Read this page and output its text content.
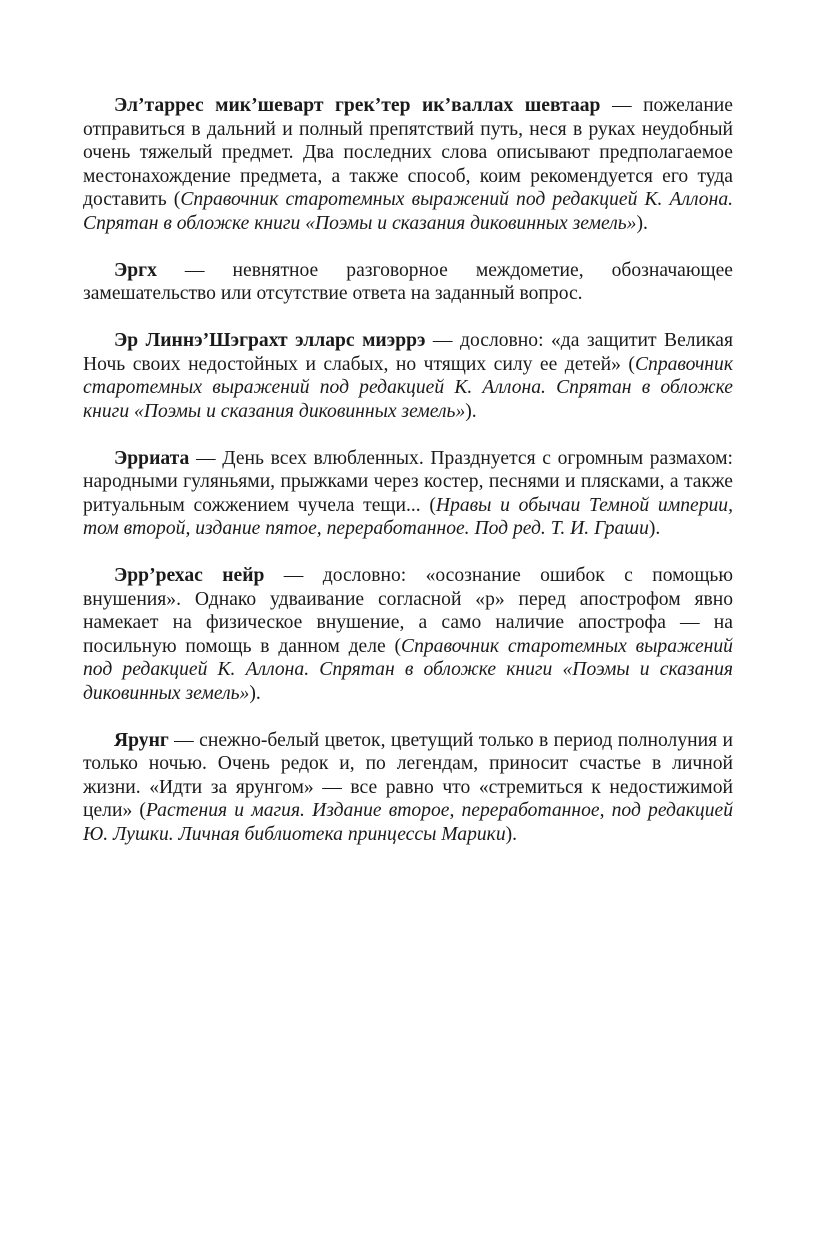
Эл’таррес мик’шеварт грек’тер ик’валлах шевтаар — пожелание отправиться в дальний и полный препятствий путь, неся в руках неудобный очень тяжелый предмет. Два последних слова описывают предполагаемое местонахождение предмета, а также способ, коим рекомендуется его туда доставить (Справочник старотемных выражений под редакцией К. Аллона. Спрятан в обложке книги «Поэмы и сказания диковинных земель»).

Эргх — невнятное разговорное междометие, обозначающее замешательство или отсутствие ответа на заданный вопрос.

Эр Линнэ’Шэграхт элларс миэррэ — дословно: «да защитит Великая Ночь своих недостойных и слабых, но чтящих силу ее детей» (Справочник старотемных выражений под редакцией К. Аллона. Спрятан в обложке книги «Поэмы и сказания диковинных земель»).

Эрриата — День всех влюбленных. Празднуется с огромным размахом: народными гуляньями, прыжками через костер, песнями и плясками, а также ритуальным сожжением чучела тещи... (Нравы и обычаи Темной империи, том второй, издание пятое, переработанное. Под ред. Т. И. Граши).

Эрр’рехас нейр — дословно: «осознание ошибок с помощью внушения». Однако удваивание согласной «р» перед апострофом явно намекает на физическое внушение, а само наличие апострофа — на посильную помощь в данном деле (Справочник старотемных выражений под редакцией К. Аллона. Спрятан в обложке книги «Поэмы и сказания диковинных земель»).

Ярунг — снежно-белый цветок, цветущий только в период полнолуния и только ночью. Очень редок и, по легендам, приносит счастье в личной жизни. «Идти за ярунгом» — все равно что «стремиться к недостижимой цели» (Растения и магия. Издание второе, переработанное, под редакцией Ю. Лушки. Личная библиотека принцессы Марики).
